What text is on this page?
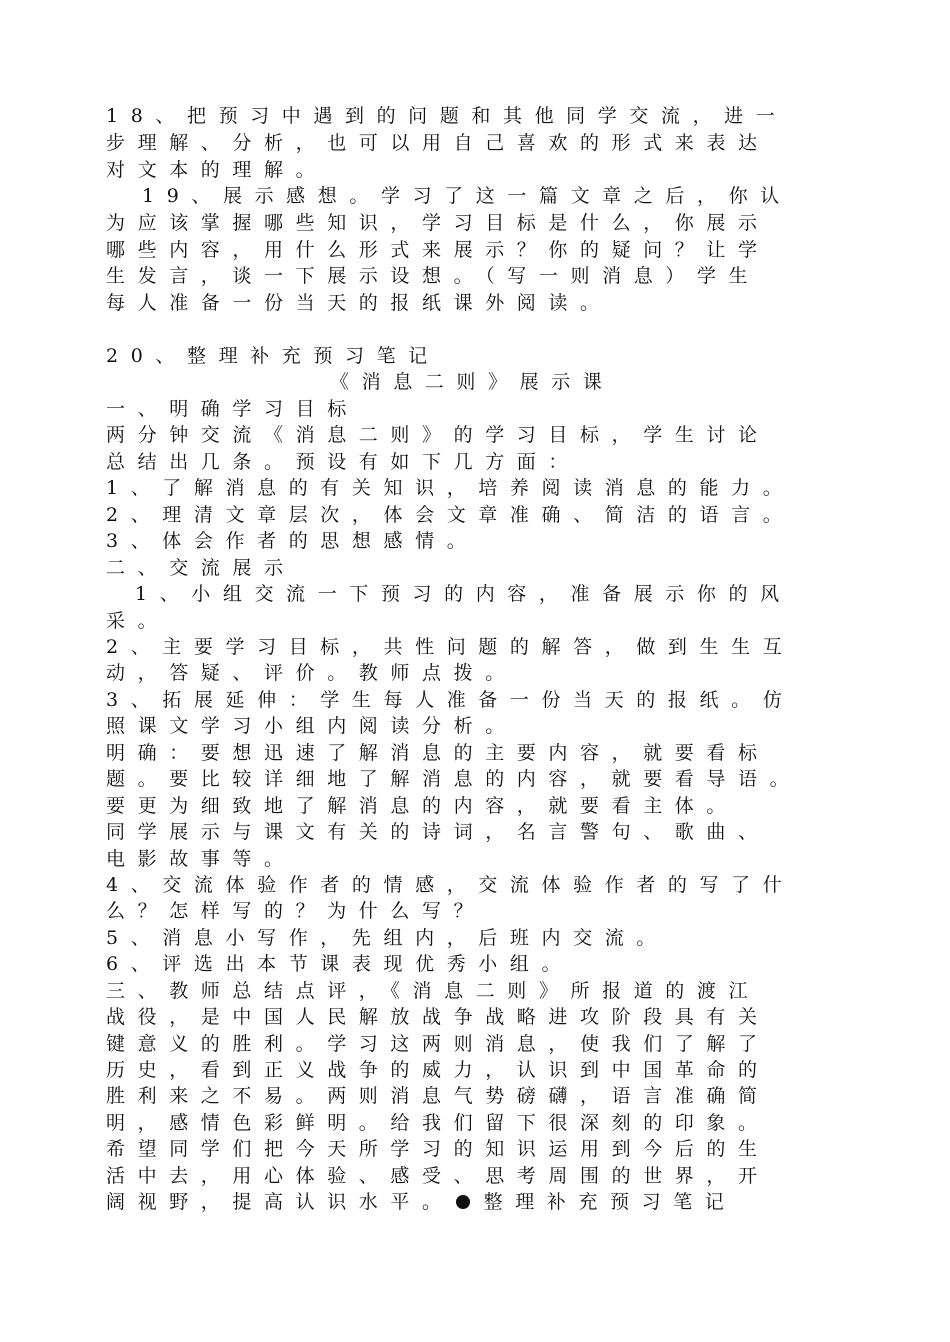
18、把预习中遇到的问题和其他同学交流，进一
步理解、分析，也可以用自己喜欢的形式来表达
对文本的理解。
19、展示感想。学习了这一篇文章之后，你认
为应该掌握哪些知识，学习目标是什么，你展示
哪些内容，用什么形式来展示？你的疑问？让学
生发言，谈一下展示设想。（写一则消息）学生
每人准备一份当天的报纸课外阅读。
20、整理补充预习笔记
《消息二则》展示课
一、明确学习目标
两分钟交流《消息二则》的学习目标，学生讨论
总结出几条。预设有如下几方面：
1、了解消息的有关知识，培养阅读消息的能力。
2、理清文章层次，体会文章准确、简洁的语言。
3、体会作者的思想感情。
二、交流展示
1、小组交流一下预习的内容，准备展示你的风
采。
2、主要学习目标，共性问题的解答，做到生生互
动，答疑、评价。教师点拨。
3、拓展延伸：学生每人准备一份当天的报纸。仿
照课文学习小组内阅读分析。
明确：要想迅速了解消息的主要内容，就要看标
题。要比较详细地了解消息的内容，就要看导语。
要更为细致地了解消息的内容，就要看主体。
同学展示与课文有关的诗词，名言警句、歌曲、
电影故事等。
4、交流体验作者的情感，交流体验作者的写了什
么？怎样写的？为什么写？
5、消息小写作，先组内，后班内交流。
6、评选出本节课表现优秀小组。
三、教师总结点评，《消息二则》所报道的渡江
战役，是中国人民解放战争战略进攻阶段具有关
键意义的胜利。学习这两则消息，使我们了解了
历史，看到正义战争的威力，认识到中国革命的
胜利来之不易。两则消息气势磅礴，语言准确简
明，感情色彩鲜明。给我们留下很深刻的印象。
希望同学们把今天所学习的知识运用到今后的生
活中去，用心体验、感受、思考周围的世界，开
阔视野，提高认识水平。 整理补充预习笔记
